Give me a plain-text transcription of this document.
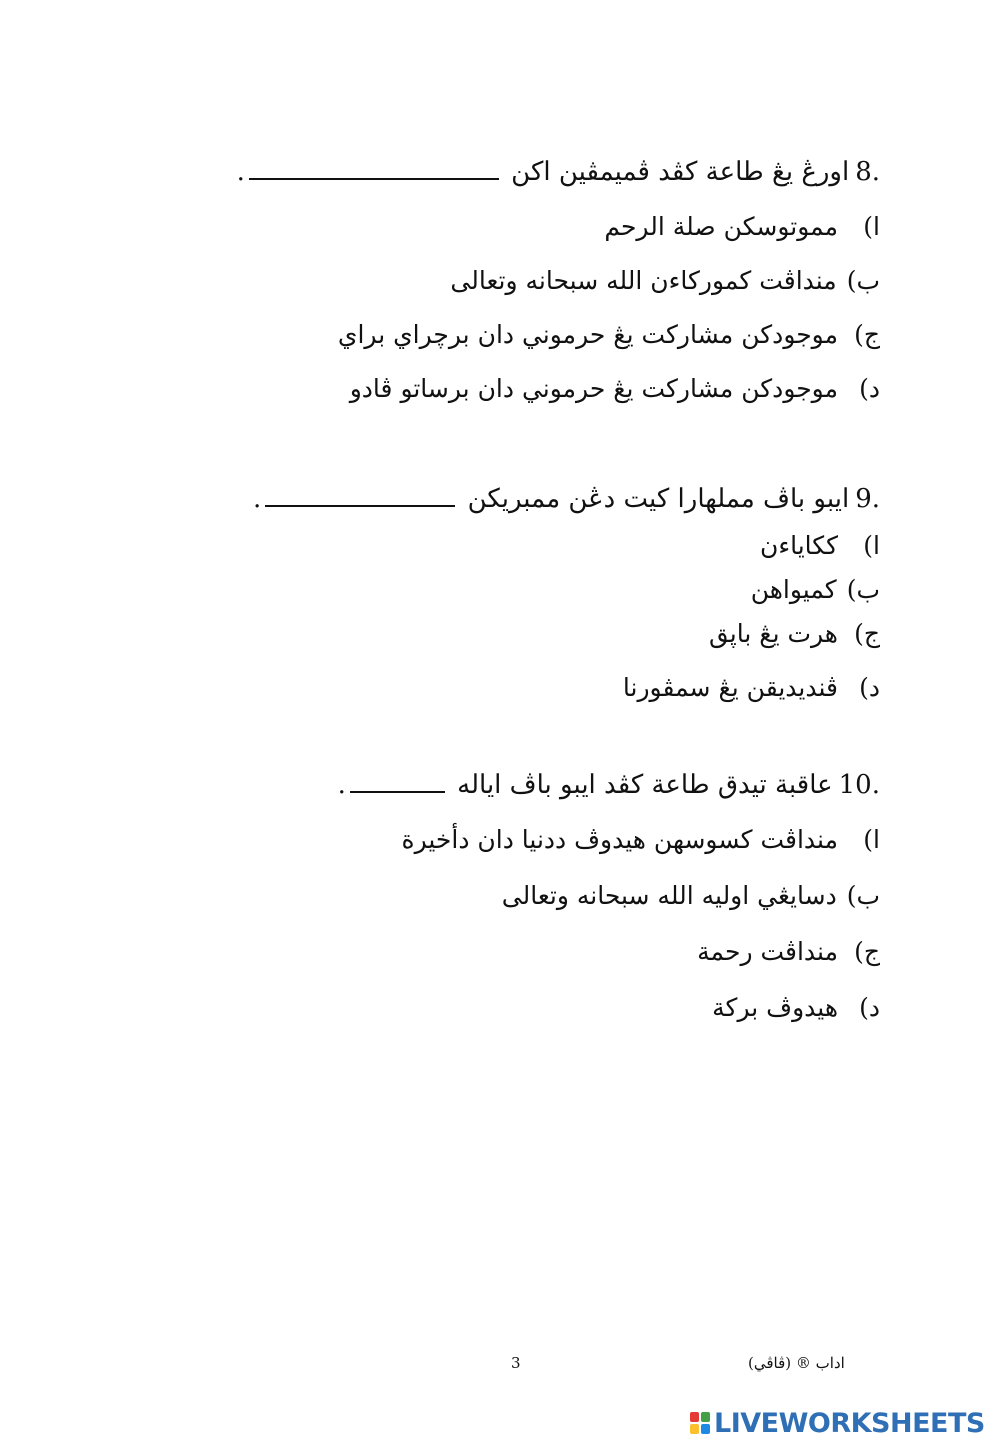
8.اورڠ يڠ طاعة كڤد ڤميمڤين اكن .
ا)مموتوسكن صلة الرحم
ب)منداڤت كمورکاءن الله سبحانه وتعالى
ج)موجودكن مشاركت يڠ حرموني دان برچراي براي
د)موجودكن مشاركت يڠ حرموني دان برساتو ڤادو
9.ايبو باڤ مملهارا كيت دڠن ممبريكن .
ا)ككاياءن
ب)كميواهن
ج)هرت يڠ باڽق
د)ڤنديديقن يڠ سمڤورنا
10.عاقبة تيدق طاعة كڤد ايبو باڤ اياله .
ا)منداڤت كسوسهن هيدوڤ ددنيا دان دأخيرة
ب)دسايڠي اوليه الله سبحانه وتعالى
ج)منداڤت رحمة
د)هيدوڤ بركة
3	اداب ® (ڤاڤي)
LIVEWORKSHEETS
